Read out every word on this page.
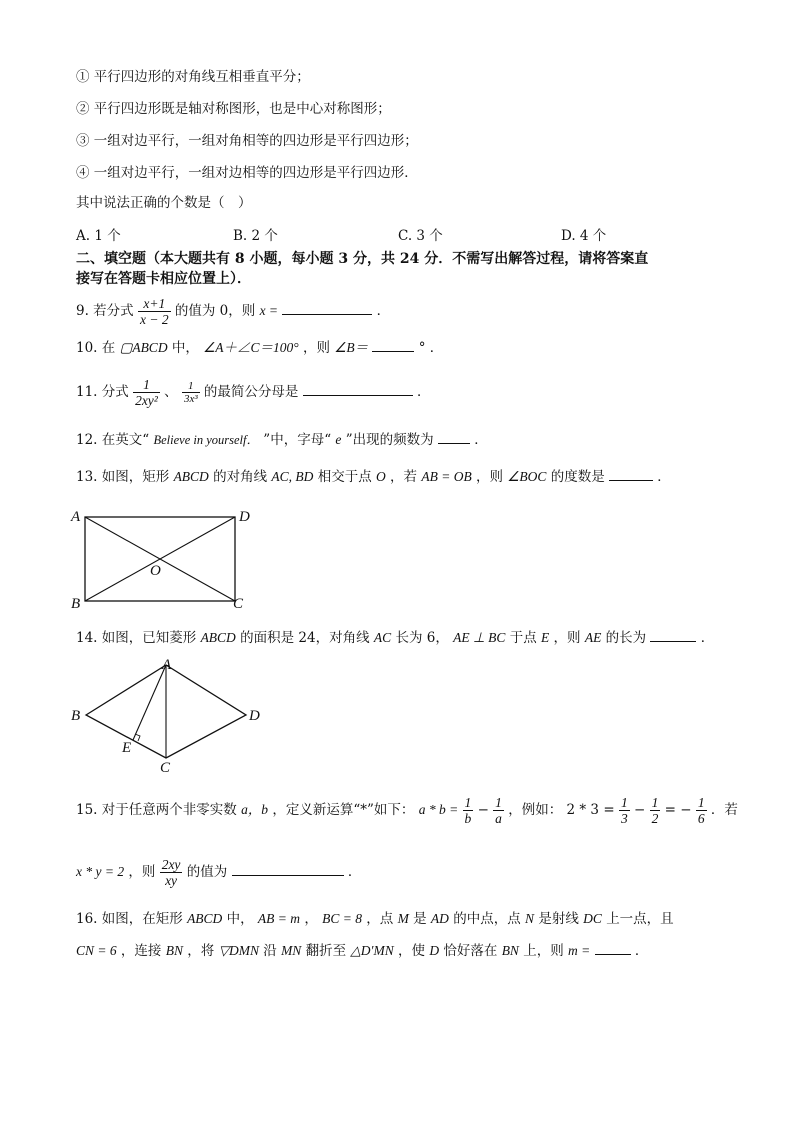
① 平行四边形的对角线互相垂直平分；
② 平行四边形既是轴对称图形，也是中心对称图形；
③ 一组对边平行，一组对角相等的四边形是平行四边形；
④ 一组对边平行，一组对边相等的四边形是平行四边形．
其中说法正确的个数是（　）
A. 1 个	B. 2 个	C. 3 个	D. 4 个
二、填空题（本大题共有 8 小题，每小题 3 分，共 24 分．不需写出解答过程，请将答案直
接写在答题卡相应位置上）．
9. 若分式 $\frac{x+1}{x - 2}$ 的值为 0，则 x =	．
10. 在 ▢ABCD 中， ∠A＋∠C＝100° ，则 ∠B＝	° ．
11. 分式 $\frac{1}{\text{2xy²}}$ 、 $\frac{1}{\text{3x³}}$ 的最简公分母是	．
12. 在英文“ Believe in yourself． ”中，字母“ e ”出现的频数为	．
13. 如图，矩形 ABCD 的对角线 AC, BD 相交于点 O ，若 AB = OB ，则 ∠BOC 的度数是	．
A	D
B	C
O
14. 如图，已知菱形 ABCD 的面积是 24，对角线 AC 长为 6， AE ⊥ BC 于点 E ，则 AE 的长为	．
A
B	D
C
E
15. 对于任意两个非零实数 a，b ，定义新运算“*”如下： $a * b = \frac{1}{b} - \frac{1}{a}$ ，例如： $2 * 3 = \frac{1}{3} - \frac{1}{2}$ = − $\frac{1}{6}$ ．若
x * y = 2 ，则 $\frac{2xy}{xy}$ 的值为	．
16. 如图，在矩形 ABCD 中， AB = m ， BC = 8 ，点 M 是 AD 的中点，点 N 是射线 DC 上一点，且
CN = 6 ，连接 BN ，将 ▽DMN 沿 MN 翻折至 △D′MN ，使 D 恰好落在 BN 上，则 m =	．
